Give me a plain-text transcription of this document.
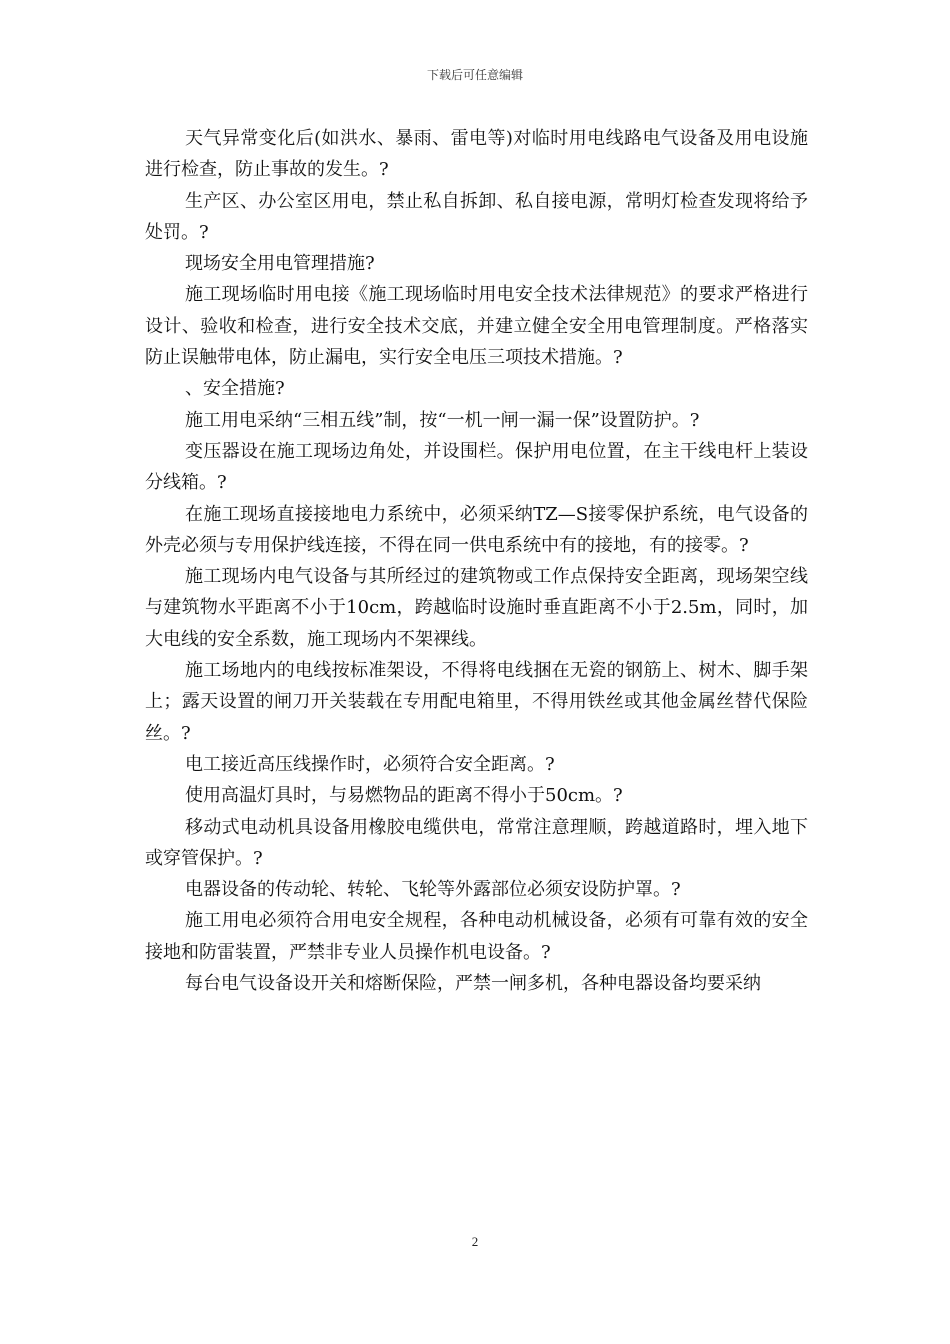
下载后可任意编辑

天气异常变化后(如洪水、暴雨、雷电等)对临时用电线路电气设备及用电设施进行检查，防止事故的发生。?

生产区、办公室区用电，禁止私自拆卸、私自接电源，常明灯检查发现将给予处罚。?

现场安全用电管理措施?

施工现场临时用电接《施工现场临时用电安全技术法律规范》的要求严格进行设计、验收和检查，进行安全技术交底，并建立健全安全用电管理制度。严格落实防止误触带电体，防止漏电，实行安全电压三项技术措施。?

、安全措施?

施工用电采纳“三相五线”制，按“一机一闸一漏一保”设置防护。?

变压器设在施工现场边角处，并设围栏。保护用电位置，在主干线电杆上装设分线箱。?

在施工现场直接接地电力系统中，必须采纳TZ—S接零保护系统，电气设备的外壳必须与专用保护线连接，不得在同一供电系统中有的接地，有的接零。?

施工现场内电气设备与其所经过的建筑物或工作点保持安全距离，现场架空线与建筑物水平距离不小于10cm，跨越临时设施时垂直距离不小于2.5m，同时，加大电线的安全系数，施工现场内不架裸线。

施工场地内的电线按标准架设，不得将电线捆在无瓷的钢筋上、树木、脚手架上；露天设置的闸刀开关装载在专用配电箱里，不得用铁丝或其他金属丝替代保险丝。?

电工接近高压线操作时，必须符合安全距离。?

使用高温灯具时，与易燃物品的距离不得小于50cm。?

移动式电动机具设备用橡胶电缆供电，常常注意理顺，跨越道路时，埋入地下或穿管保护。?

电器设备的传动轮、转轮、飞轮等外露部位必须安设防护罩。?

施工用电必须符合用电安全规程，各种电动机械设备，必须有可靠有效的安全接地和防雷装置，严禁非专业人员操作机电设备。?

每台电气设备设开关和熔断保险，严禁一闸多机，各种电器设备均要采纳

2
